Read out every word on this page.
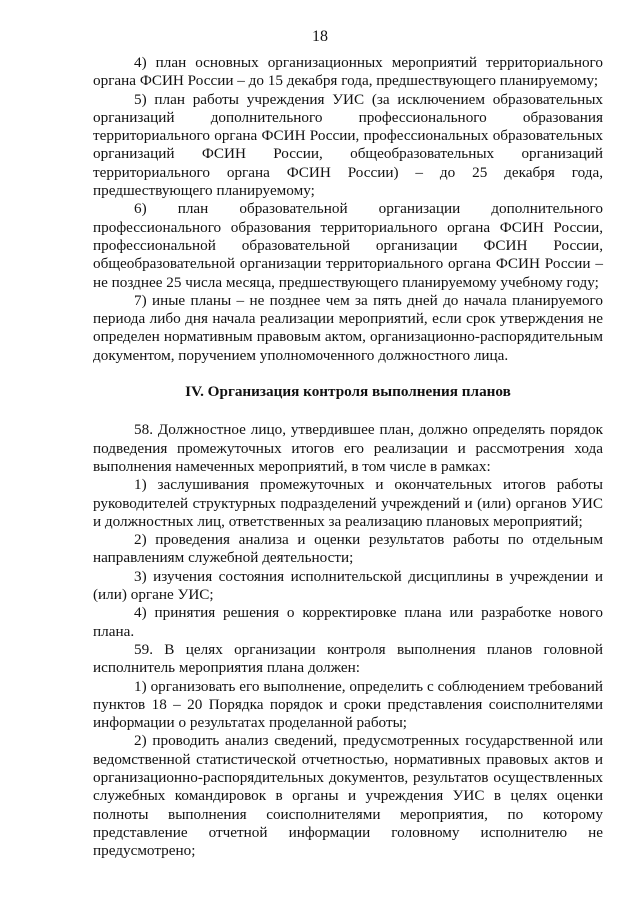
18

4) план основных организационных мероприятий территориального органа ФСИН России – до 15 декабря года, предшествующего планируемому;

5) план работы учреждения УИС (за исключением образовательных организаций дополнительного профессионального образования территориального органа ФСИН России, профессиональных образовательных организаций ФСИН России, общеобразовательных организаций территориального органа ФСИН России) – до 25 декабря года, предшествующего планируемому;

6) план образовательной организации дополнительного профессионального образования территориального органа ФСИН России, профессиональной образовательной организации ФСИН России, общеобразовательной организации территориального органа ФСИН России – не позднее 25 числа месяца, предшествующего планируемому учебному году;

7) иные планы – не позднее чем за пять дней до начала планируемого периода либо дня начала реализации мероприятий, если срок утверждения не определен нормативным правовым актом, организационно-распорядительным документом, поручением уполномоченного должностного лица.

IV. Организация контроля выполнения планов

58. Должностное лицо, утвердившее план, должно определять порядок подведения промежуточных итогов его реализации и рассмотрения хода выполнения намеченных мероприятий, в том числе в рамках:

1) заслушивания промежуточных и окончательных итогов работы руководителей структурных подразделений учреждений и (или) органов УИС и должностных лиц, ответственных за реализацию плановых мероприятий;

2) проведения анализа и оценки результатов работы по отдельным направлениям служебной деятельности;

3) изучения состояния исполнительской дисциплины в учреждении и (или) органе УИС;

4) принятия решения о корректировке плана или разработке нового плана.

59. В целях организации контроля выполнения планов головной исполнитель мероприятия плана должен:

1) организовать его выполнение, определить с соблюдением требований пунктов 18 – 20 Порядка порядок и сроки представления соисполнителями информации о результатах проделанной работы;

2) проводить анализ сведений, предусмотренных государственной или ведомственной статистической отчетностью, нормативных правовых актов и организационно-распорядительных документов, результатов осуществленных служебных командировок в органы и учреждения УИС в целях оценки полноты выполнения соисполнителями мероприятия, по которому представление отчетной информации головному исполнителю не предусмотрено;
